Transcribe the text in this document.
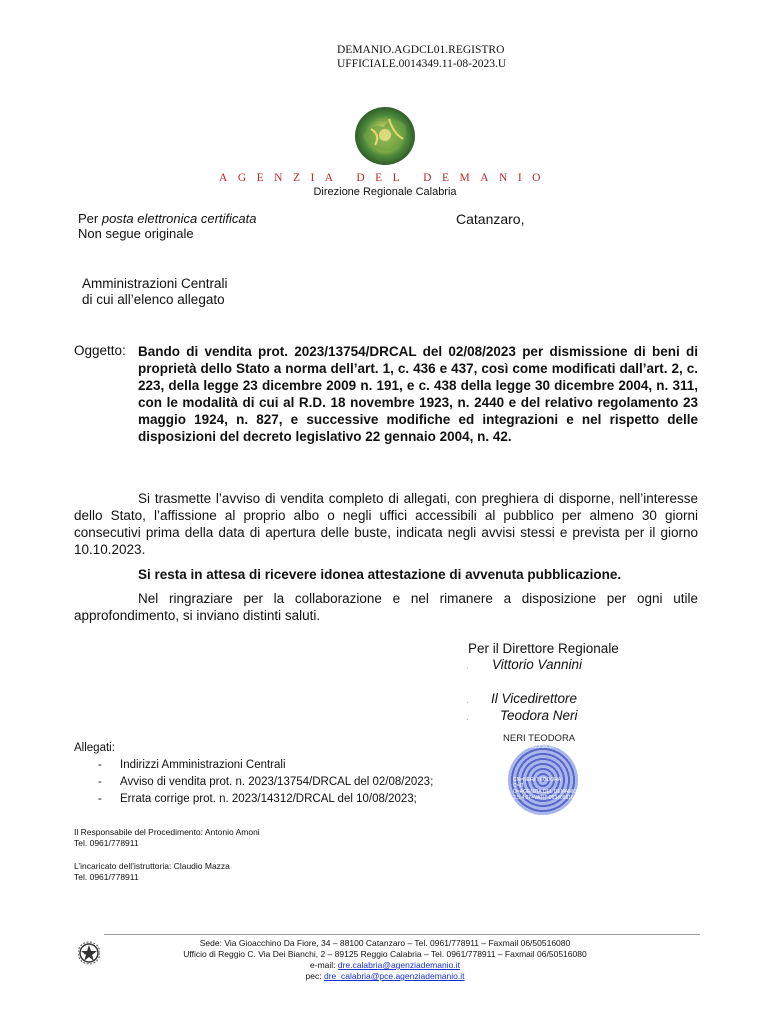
DEMANIO.AGDCL01.REGISTRO
UFFICIALE.0014349.11-08-2023.U
AGENZIA DEL DEMANIO
Direzione Regionale Calabria
Per posta elettronica certificata
Non segue originale
Catanzaro,
Amministrazioni Centrali
di cui all’elenco allegato
Oggetto: Bando di vendita prot. 2023/13754/DRCAL del 02/08/2023 per dismissione di beni di proprietà dello Stato a norma dell’art. 1, c. 436 e 437, così come modificati dall’art. 2, c. 223, della legge 23 dicembre 2009 n. 191, e c. 438 della legge 30 dicembre 2004, n. 311, con le modalità di cui al R.D. 18 novembre 1923, n. 2440 e del relativo regolamento 23 maggio 1924, n. 827, e successive modifiche ed integrazioni e nel rispetto delle disposizioni del decreto legislativo 22 gennaio 2004, n. 42.
Si trasmette l’avviso di vendita completo di allegati, con preghiera di disporne, nell’interesse dello Stato, l’affissione al proprio albo o negli uffici accessibili al pubblico per almeno 30 giorni consecutivi prima della data di apertura delle buste, indicata negli avvisi stessi e prevista per il giorno 10.10.2023.
Si resta in attesa di ricevere idonea attestazione di avvenuta pubblicazione.
Nel ringraziare per la collaborazione e nel rimanere a disposizione per ogni utile approfondimento, si inviano distinti saluti.
Per il Direttore Regionale
. Vittorio Vannini
. Il Vicedirettore
. Teodora Neri
NERI TEODORA
2023.08.10 18:09:49
CN=NERI TEODORA
C=IT
O=AGENZIA DEL DEMANIO
2.5.4.97=VATIT-06340981007
Allegati:
- Indirizzi Amministrazioni Centrali
- Avviso di vendita prot. n. 2023/13754/DRCAL del 02/08/2023;
- Errata corrige prot. n. 2023/14312/DRCAL del 10/08/2023;
Il Responsabile del Procedimento: Antonio Amoni
Tel. 0961/778911
L’incaricato dell’istruttoria: Claudio Mazza
Tel. 0961/778911
Sede: Via Gioacchino Da Fiore, 34 – 88100 Catanzaro – Tel. 0961/778911 – Faxmail 06/50516080
Ufficio di Reggio C. Via Dei Bianchi, 2 – 89125 Reggio Calabria – Tel. 0961/778911 – Faxmail 06/50516080
e-mail: dre.calabria@agenziademanio.it
pec: dre_calabria@pce.agenziademanio.it
